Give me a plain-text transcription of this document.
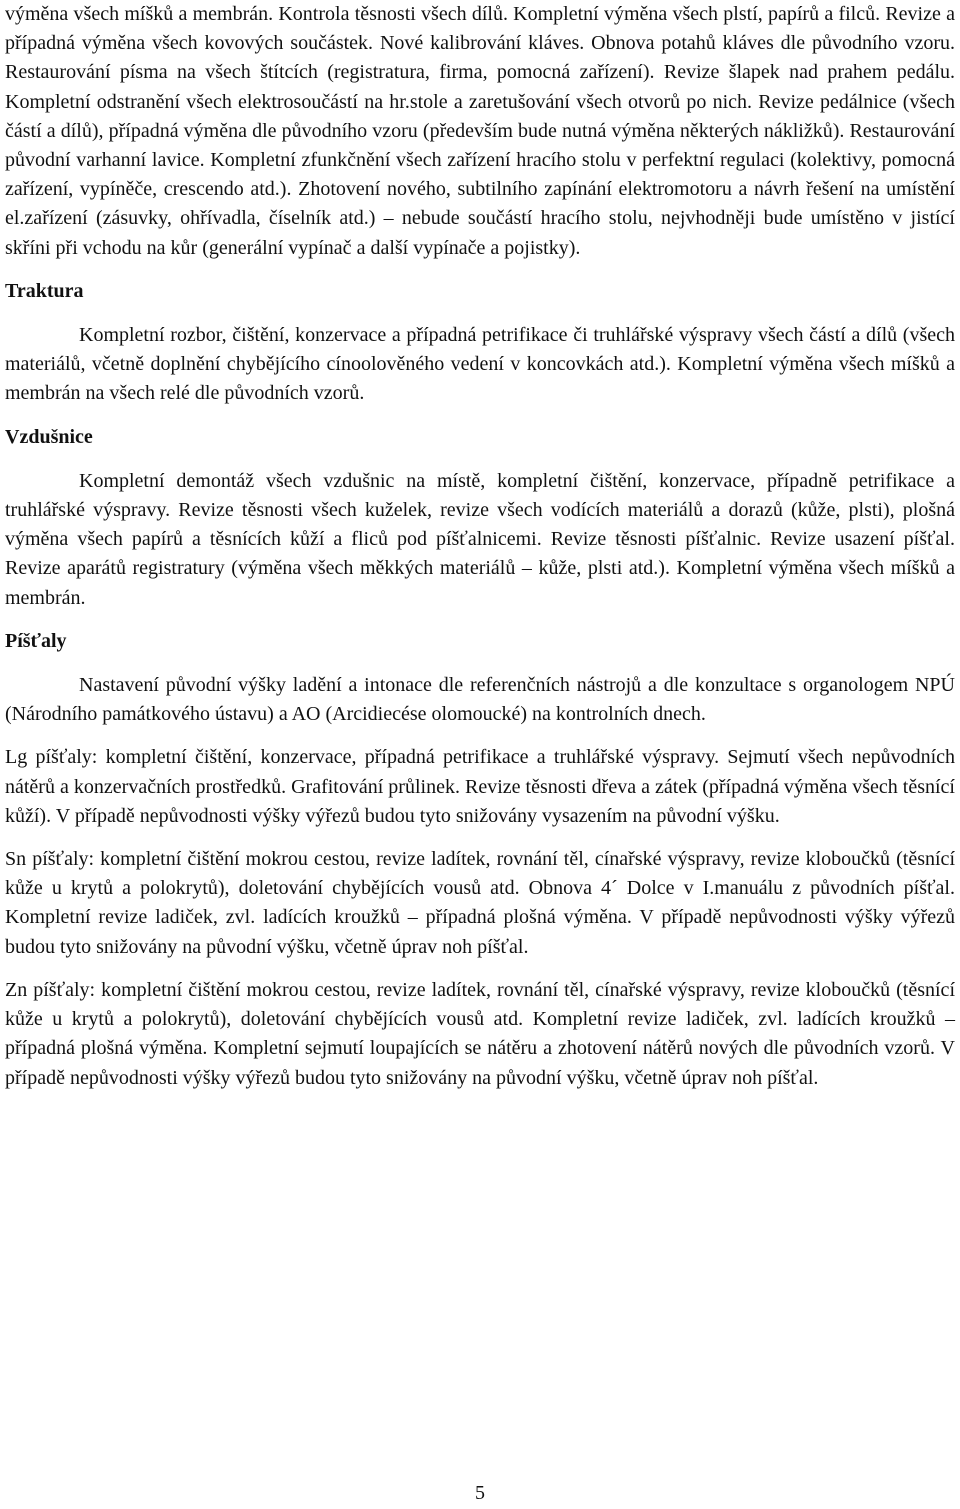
výměna všech míšků a membrán. Kontrola těsnosti všech dílů. Kompletní výměna všech plstí, papírů a filců. Revize a případná výměna všech kovových součástek. Nové kalibrování kláves. Obnova potahů kláves dle původního vzoru. Restaurování písma na všech štítcích (registratura, firma, pomocná zařízení). Revize šlapek nad prahem pedálu. Kompletní odstranění všech elektrosoučástí na hr.stole a zaretušování všech otvorů po nich. Revize pedálnice (všech částí a dílů), případná výměna dle původního vzoru (především bude nutná výměna některých nákližků). Restaurování původní varhanní lavice. Kompletní zfunkčnění všech zařízení hracího stolu v perfektní regulaci (kolektivy, pomocná zařízení, vypíněče, crescendo atd.). Zhotovení nového, subtilního zapínání elektromotoru a návrh řešení na umístění el.zařízení (zásuvky, ohřívadla, číselník atd.) – nebude součástí hracího stolu, nejvhodněji bude umístěno v jistící skříni při vchodu na kůr (generální vypínač a další vypínače a pojistky).

Traktura

Kompletní rozbor, čištění, konzervace a případná petrifikace či truhlářské výspravy všech částí a dílů (všech materiálů, včetně doplnění chybějícího cínoolověného vedení v koncovkách atd.). Kompletní výměna všech míšků a membrán na všech relé dle původních vzorů.

Vzdušnice

Kompletní demontáž všech vzdušnic na místě, kompletní čištění, konzervace, případně petrifikace a truhlářské výspravy. Revize těsnosti všech kuželek, revize všech vodících materiálů a dorazů (kůže, plsti), plošná výměna všech papírů a těsnících kůží a fliců pod píšťalnicemi. Revize těsnosti píšťalnic. Revize usazení píšťal. Revize aparátů registratury (výměna všech měkkých materiálů – kůže, plsti atd.). Kompletní výměna všech míšků a membrán.

Píšťaly

Nastavení původní výšky ladění a intonace dle referenčních nástrojů a dle konzultace s organologem NPÚ (Národního památkového ústavu) a AO (Arcidiecése olomoucké) na kontrolních dnech.

Lg píšťaly: kompletní čištění, konzervace, případná petrifikace a truhlářské výspravy. Sejmutí všech nepůvodních nátěrů a konzervačních prostředků. Grafitování průlinek. Revize těsnosti dřeva a zátek (případná výměna všech těsnící kůží). V případě nepůvodnosti výšky výřezů budou tyto snižovány vysazením na původní výšku.

Sn píšťaly: kompletní čištění mokrou cestou, revize ladítek, rovnání těl, cínařské výspravy, revize kloboučků (těsnící kůže u krytů a polokrytů), doletování chybějících vousů atd. Obnova 4´ Dolce v I.manuálu z původních píšťal. Kompletní revize ladiček, zvl. ladících kroužků – případná plošná výměna. V případě nepůvodnosti výšky výřezů budou tyto snižovány na původní výšku, včetně úprav noh píšťal.

Zn píšťaly: kompletní čištění mokrou cestou, revize ladítek, rovnání těl, cínařské výspravy, revize kloboučků (těsnící kůže u krytů a polokrytů), doletování chybějících vousů atd. Kompletní revize ladiček, zvl. ladících kroužků – případná plošná výměna. Kompletní sejmutí loupajících se nátěru a zhotovení nátěrů nových dle původních vzorů. V případě nepůvodnosti výšky výřezů budou tyto snižovány na původní výšku, včetně úprav noh píšťal.

5
